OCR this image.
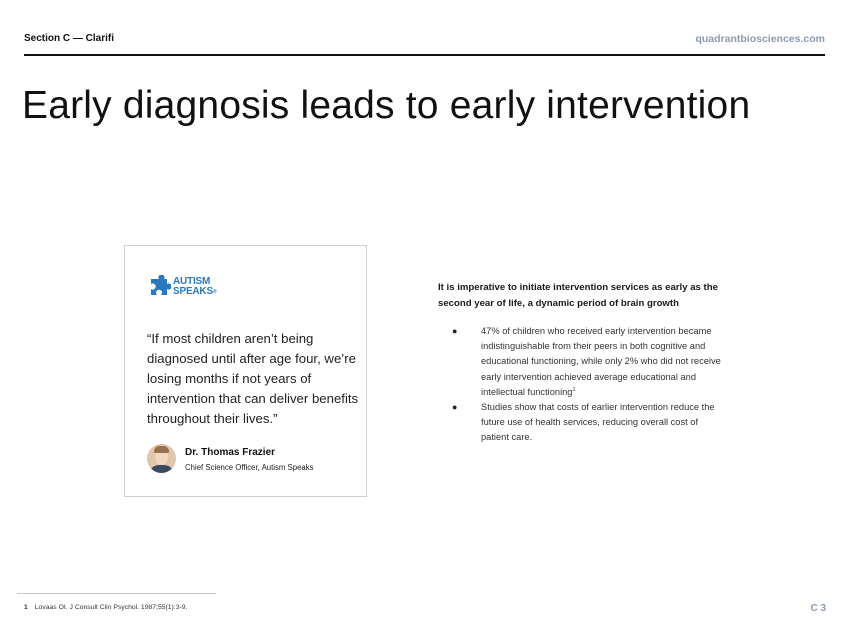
Section C — Clarifi	quadrantbiosciences.com
Early diagnosis leads to early intervention
AUTISM
SPEAKS®

“If most children aren’t being diagnosed until after age four, we’re losing months if not years of intervention that can deliver benefits throughout their lives.”

Dr. Thomas Frazier
Chief Science Officer, Autism Speaks
It is imperative to initiate intervention services as early as the second year of life, a dynamic period of brain growth
●	47% of children who received early intervention became indistinguishable from their peers in both cognitive and educational functioning, while only 2% who did not receive early intervention achieved average educational and intellectual functioning$^1$
●	Studies show that costs of earlier intervention reduce the future use of health services, reducing overall cost of patient care.
1 Lovaas OI. J Consult Clin Psychol. 1987;55(1):3-9.	C 3
